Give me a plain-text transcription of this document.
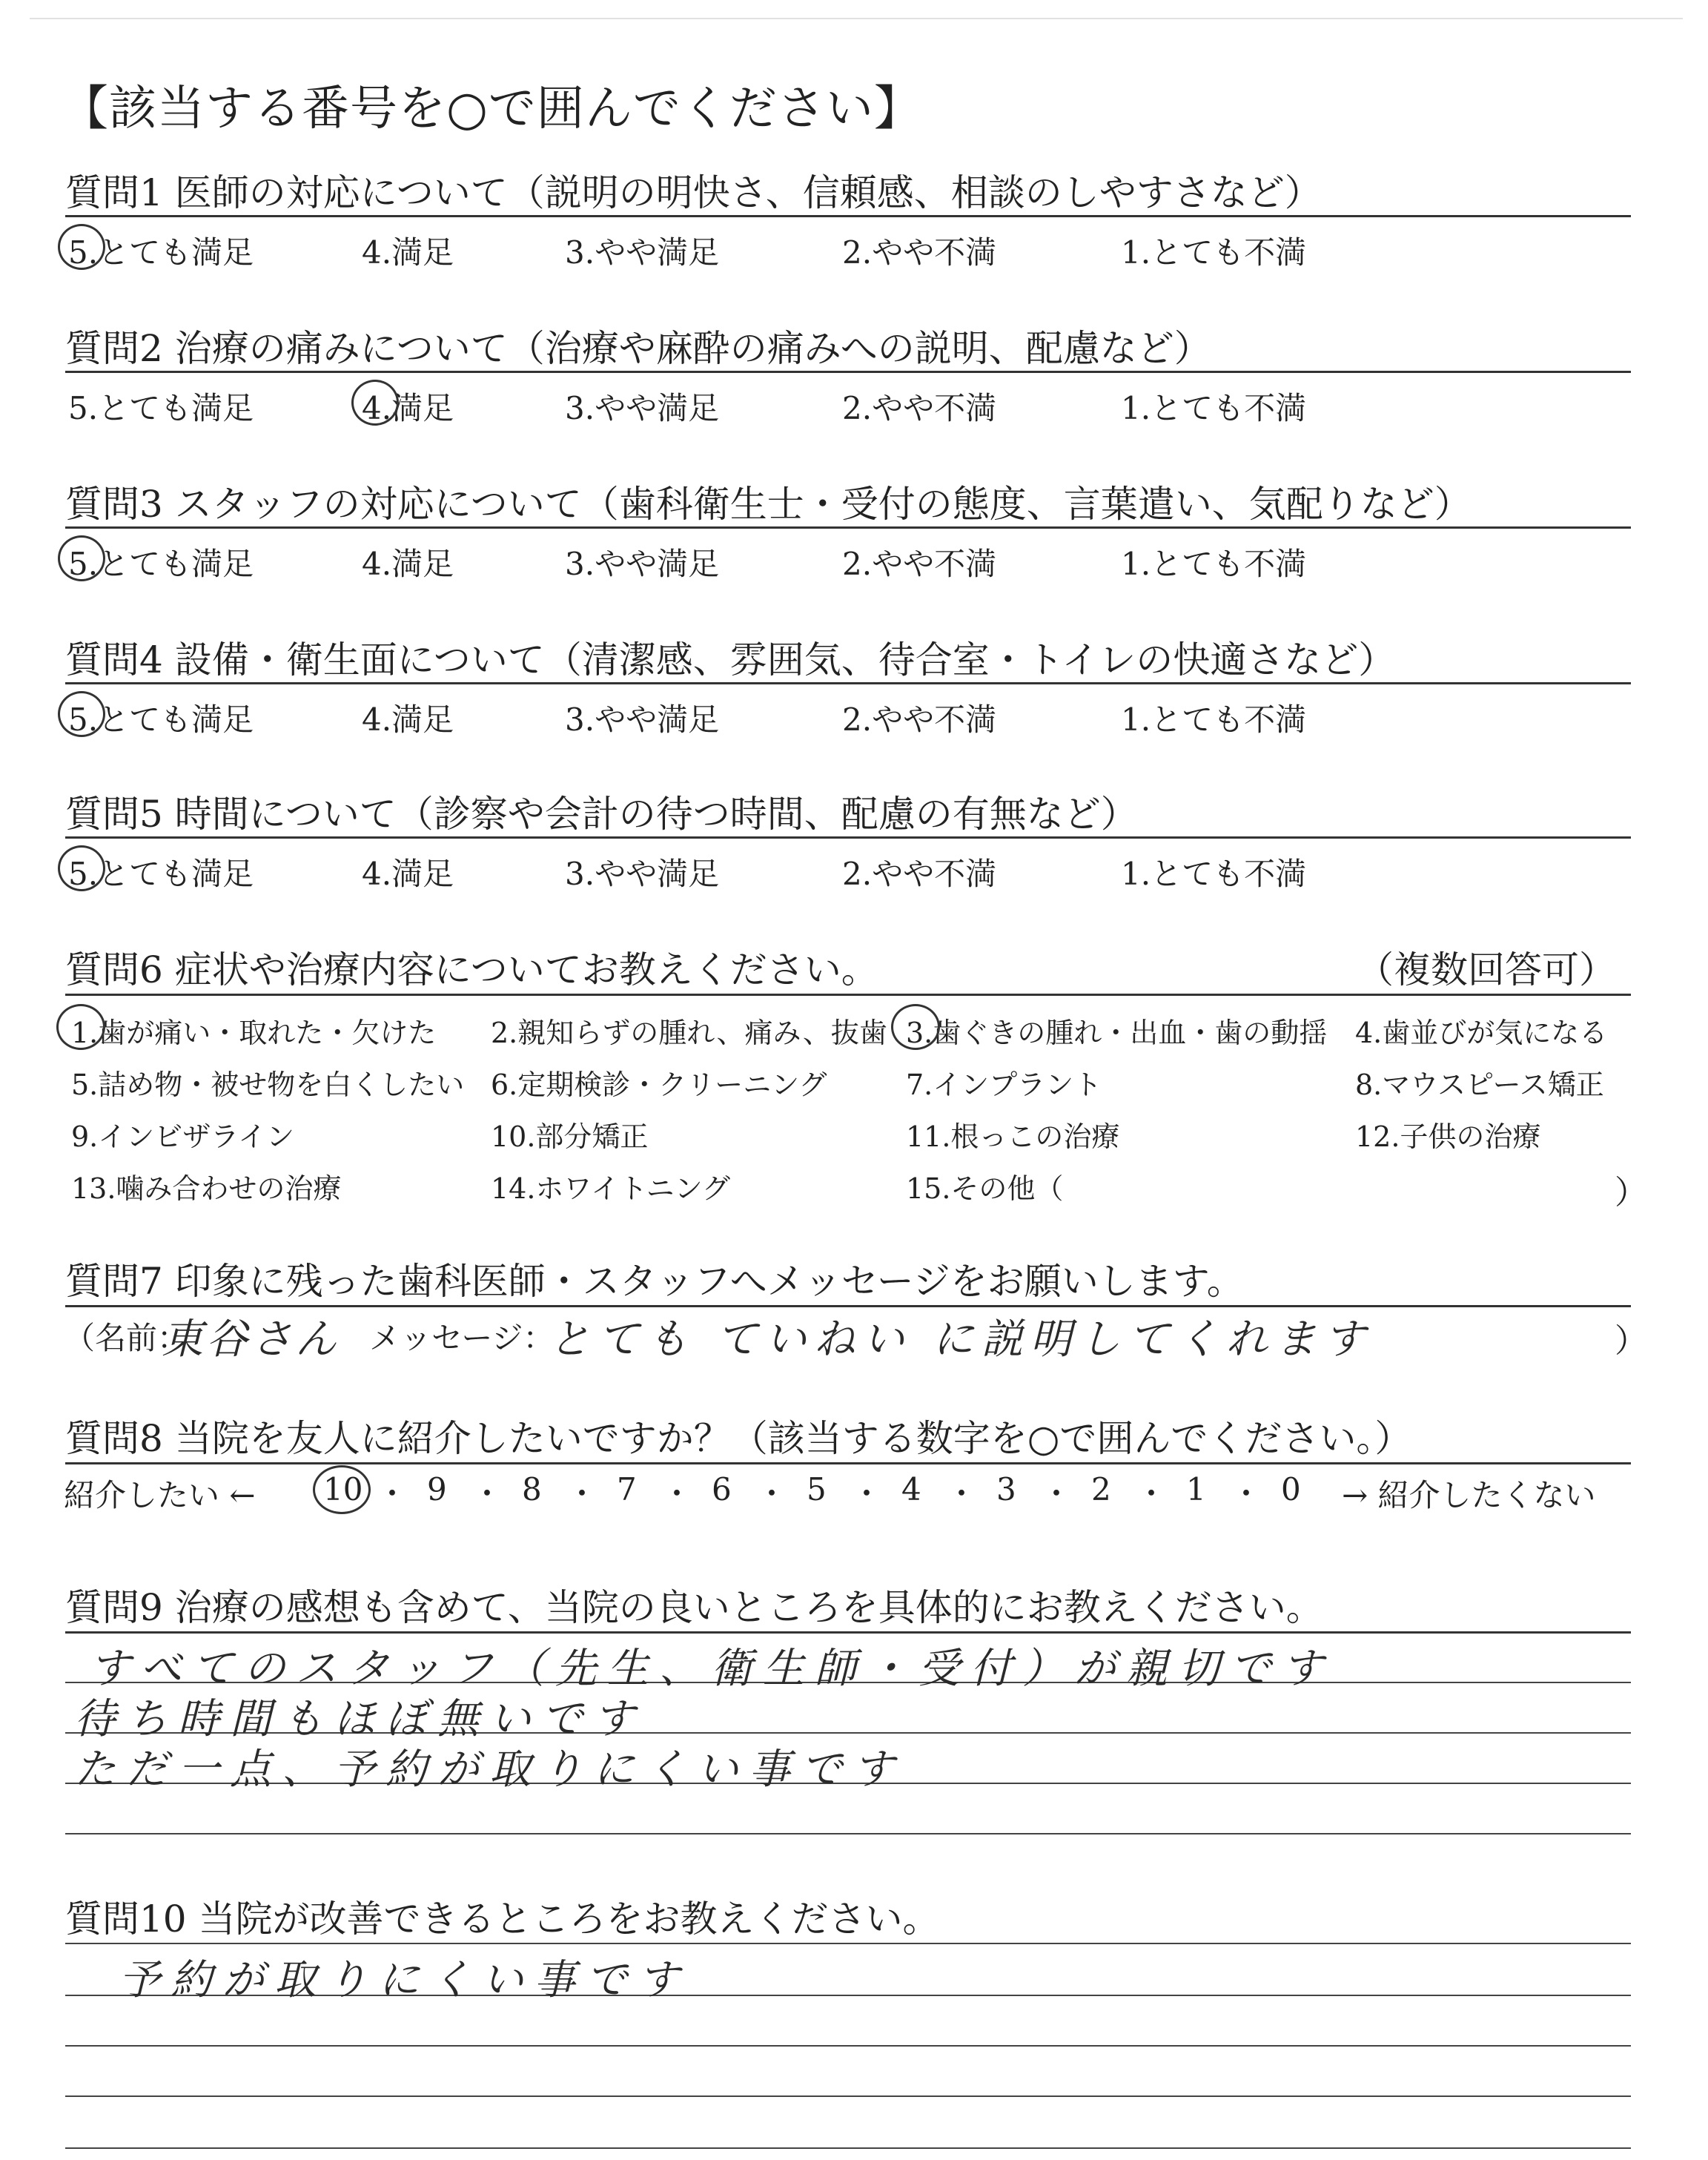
【該当する番号を○で囲んでください】
質問1 医師の対応について（説明の明快さ、信頼感、相談のしやすさなど）
5.とても満足	4.満足	3.やや満足	2.やや不満	1.とても不満
質問2 治療の痛みについて（治療や麻酔の痛みへの説明、配慮など）
5.とても満足	4.満足	3.やや満足	2.やや不満	1.とても不満
質問3 スタッフの対応について（歯科衛生士・受付の態度、言葉遣い、気配りなど）
5.とても満足	4.満足	3.やや満足	2.やや不満	1.とても不満
質問4 設備・衛生面について（清潔感、雰囲気、待合室・トイレの快適さなど）
5.とても満足	4.満足	3.やや満足	2.やや不満	1.とても不満
質問5 時間について（診察や会計の待つ時間、配慮の有無など）
5.とても満足	4.満足	3.やや満足	2.やや不満	1.とても不満
質問6 症状や治療内容についてお教えください。	（複数回答可）
1.歯が痛い・取れた・欠けた 2.親知らずの腫れ、痛み、抜歯 3.歯ぐきの腫れ・出血・歯の動揺 4.歯並びが気になる
5.詰め物・被せ物を白くしたい 6.定期検診・クリーニング	7.インプラント	8.マウスピース矯正
9.インビザライン	10.部分矯正	11.根っこの治療	12.子供の治療
13.噛み合わせの治療	14.ホワイトニング	15.その他（	）
質問7 印象に残った歯科医師・スタッフへメッセージをお願いします。
（名前：
東谷さん メッセージ：
とても ていねい に説明してくれます	）
質問8 当院を友人に紹介したいですか？（該当する数字を○で囲んでください。）
紹介したい ←	→ 紹介したくない
10 ・ 9 ・ 8 ・ 7 ・ 6 ・ 5 ・ 4 ・ 3 ・ 2 ・ 1 ・ 0
質問9 治療の感想も含めて、当院の良いところを具体的にお教えください。
すべてのスタッフ（先生、衛生師・受付）が親切です
待ち時間もほぼ無いです
ただ一点、予約が取りにくい事です
質問10 当院が改善できるところをお教えください。
予約が取りにくい事です
